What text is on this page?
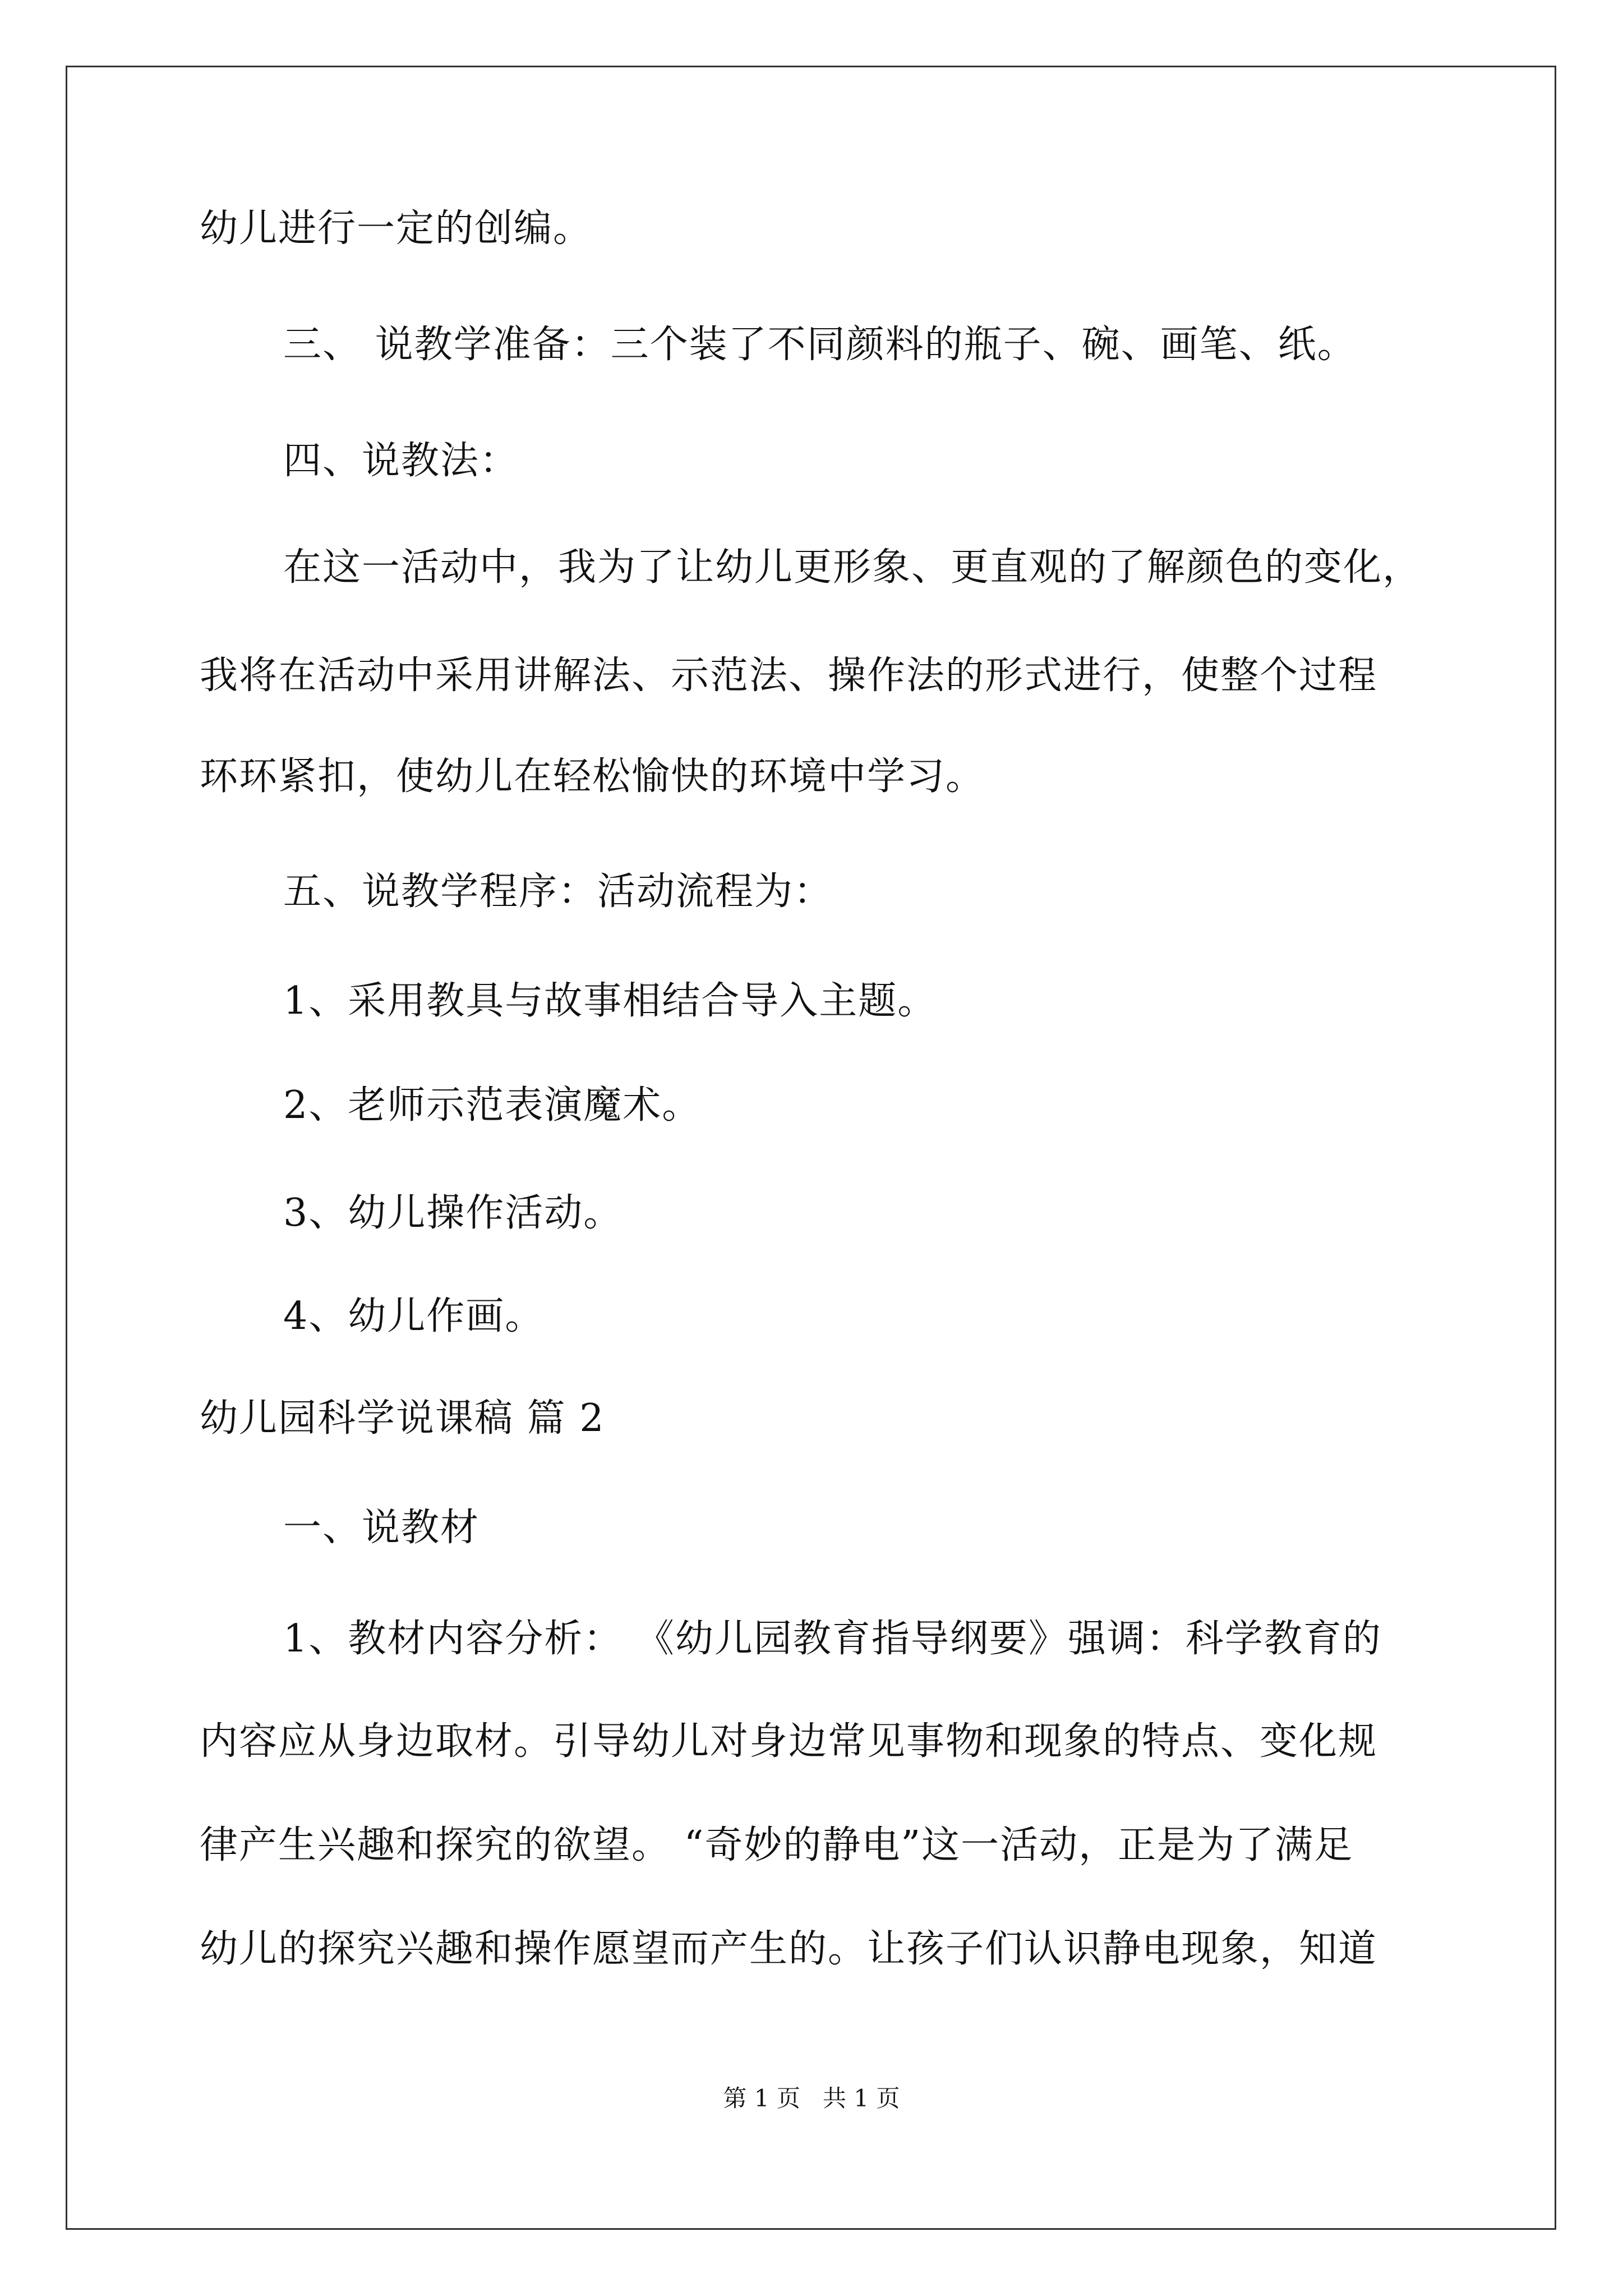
幼儿进行一定的创编。
三、 说教学准备：三个装了不同颜料的瓶子、碗、画笔、纸。
四、说教法：
在这一活动中，我为了让幼儿更形象、更直观的了解颜色的变化，
我将在活动中采用讲解法、示范法、操作法的形式进行，使整个过程
环环紧扣，使幼儿在轻松愉快的环境中学习。
五、说教学程序：活动流程为：
1、采用教具与故事相结合导入主题。
2、老师示范表演魔术。
3、幼儿操作活动。
4、幼儿作画。
幼儿园科学说课稿 篇 2
一、说教材
1、教材内容分析： 《幼儿园教育指导纲要》强调：科学教育的
内容应从身边取材。引导幼儿对身边常见事物和现象的特点、变化规
律产生兴趣和探究的欲望。 “奇妙的静电”这一活动，正是为了满足
幼儿的探究兴趣和操作愿望而产生的。让孩子们认识静电现象，知道
第 1 页   共 1 页
